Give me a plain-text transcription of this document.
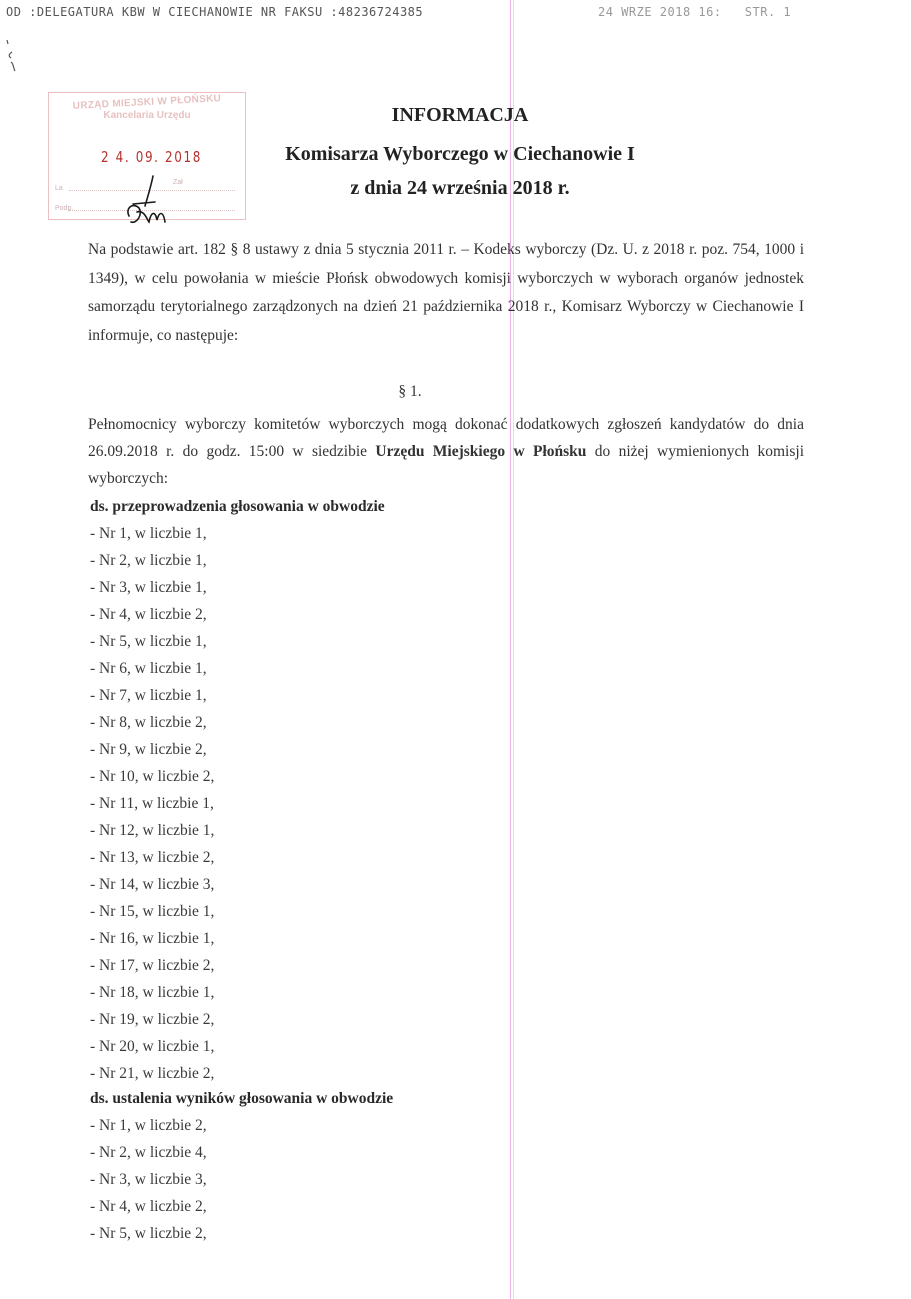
OD :DELEGATURA KBW W CIECHANOWIE NR FAKSU :48236724385	24 WRZE 2018 16:   STR. 1
URZĄD MIEJSKI W PŁOŃSKU
Kancelaria Urzędu
2 4. 09. 2018
Zał
La
Podp.
INFORMACJA
Komisarza Wyborczego w Ciechanowie I
z dnia 24 września 2018 r.
Na podstawie art. 182 § 8 ustawy z dnia 5 stycznia 2011 r. – Kodeks wyborczy (Dz. U. z 2018 r. poz. 754, 1000 i 1349), w celu powołania w mieście Płońsk obwodowych komisji wyborczych w wyborach organów jednostek samorządu terytorialnego zarządzonych na dzień 21 października 2018 r., Komisarz Wyborczy w Ciechanowie I informuje, co następuje:
§ 1.
Pełnomocnicy wyborczy komitetów wyborczych mogą dokonać dodatkowych zgłoszeń kandydatów do dnia 26.09.2018 r. do godz. 15:00 w siedzibie Urzędu Miejskiego w Płońsku do niżej wymienionych komisji wyborczych:
ds. przeprowadzenia głosowania w obwodzie
- Nr 1, w liczbie 1,
- Nr 2, w liczbie 1,
- Nr 3, w liczbie 1,
- Nr 4, w liczbie 2,
- Nr 5, w liczbie 1,
- Nr 6, w liczbie 1,
- Nr 7, w liczbie 1,
- Nr 8, w liczbie 2,
- Nr 9, w liczbie 2,
- Nr 10, w liczbie 2,
- Nr 11, w liczbie 1,
- Nr 12, w liczbie 1,
- Nr 13, w liczbie 2,
- Nr 14, w liczbie 3,
- Nr 15, w liczbie 1,
- Nr 16, w liczbie 1,
- Nr 17, w liczbie 2,
- Nr 18, w liczbie 1,
- Nr 19, w liczbie 2,
- Nr 20, w liczbie 1,
- Nr 21, w liczbie 2,
ds. ustalenia wyników głosowania w obwodzie
- Nr 1, w liczbie 2,
- Nr 2, w liczbie 4,
- Nr 3, w liczbie 3,
- Nr 4, w liczbie 2,
- Nr 5, w liczbie 2,
